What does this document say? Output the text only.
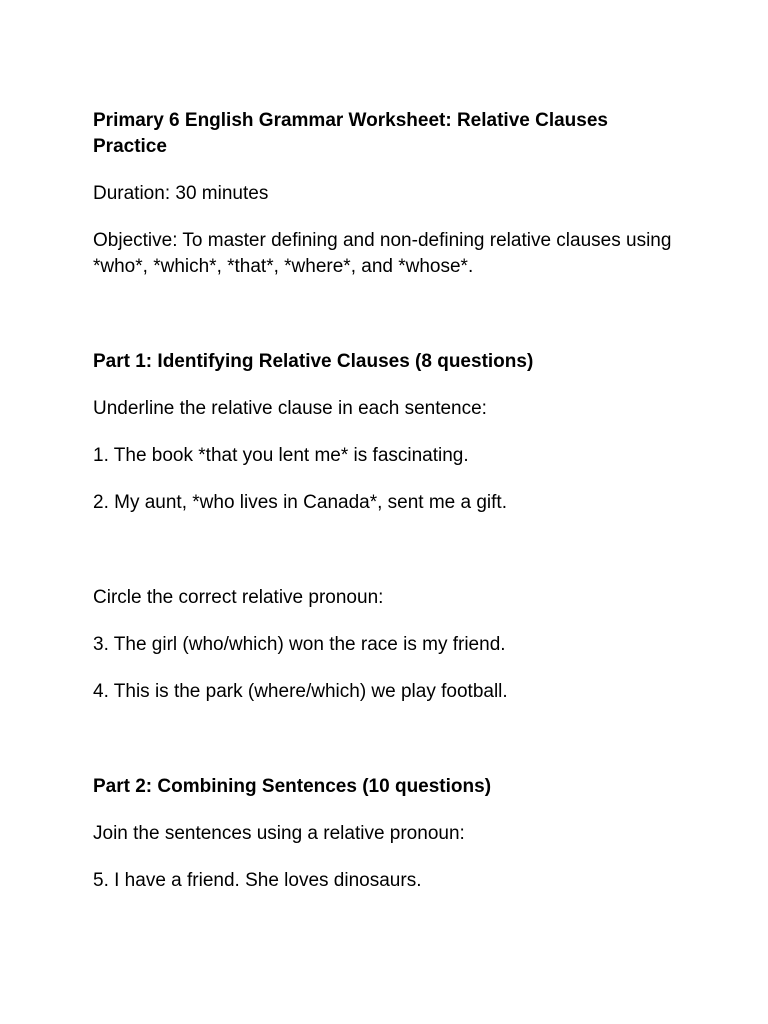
Primary 6 English Grammar Worksheet: Relative Clauses Practice

Duration: 30 minutes

Objective: To master defining and non-defining relative clauses using *who*, *which*, *that*, *where*, and *whose*.

Part 1: Identifying Relative Clauses (8 questions)

Underline the relative clause in each sentence:

1. The book *that you lent me* is fascinating.

2. My aunt, *who lives in Canada*, sent me a gift.

Circle the correct relative pronoun:

3. The girl (who/which) won the race is my friend.

4. This is the park (where/which) we play football.

Part 2: Combining Sentences (10 questions)

Join the sentences using a relative pronoun:

5. I have a friend. She loves dinosaurs.
